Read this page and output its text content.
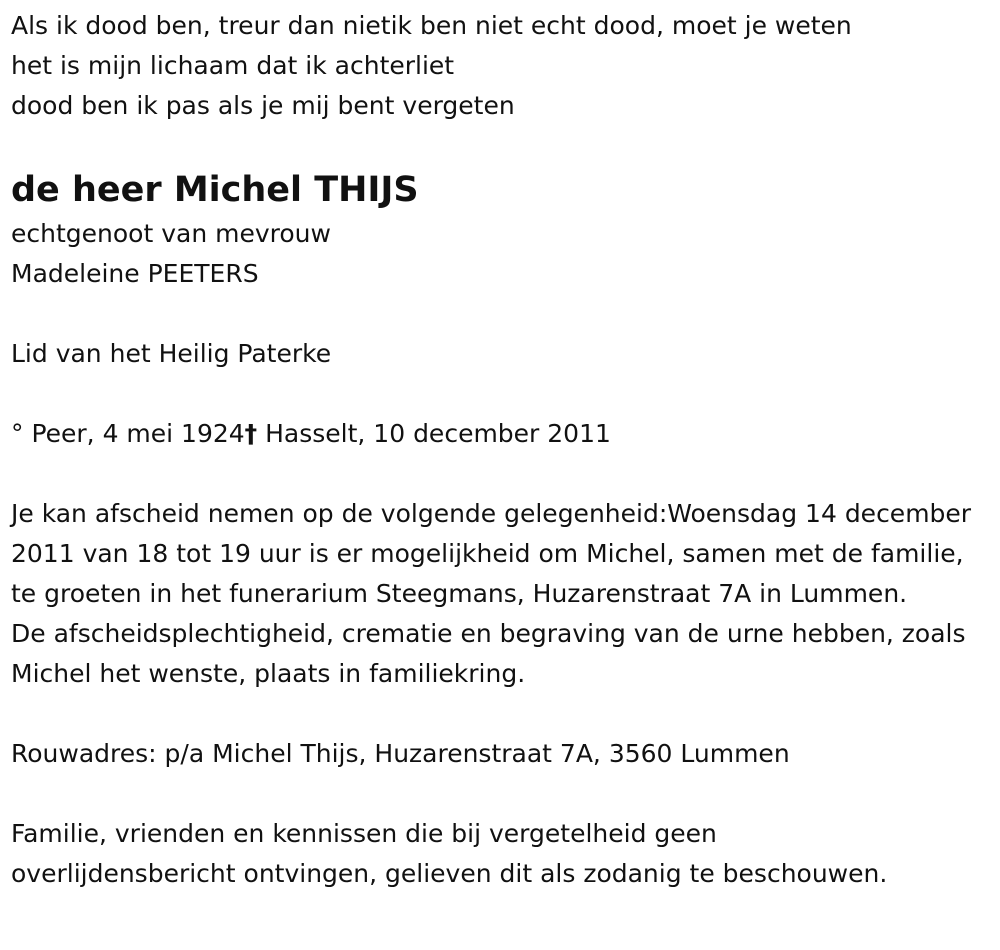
Als ik dood ben, treur dan nietik ben niet echt dood, moet je weten
het is mijn lichaam dat ik achterliet
dood ben ik pas als je mij bent vergeten
de heer Michel THIJS
echtgenoot van mevrouw
Madeleine PEETERS
Lid van het Heilig Paterke
° Peer, 4 mei 1924† Hasselt, 10 december 2011
Je kan afscheid nemen op de volgende gelegenheid:Woensdag 14 december 2011 van 18 tot 19 uur is er mogelijkheid om Michel, samen met de familie, te groeten in het funerarium Steegmans, Huzarenstraat 7A in Lummen.
De afscheidsplechtigheid, crematie en begraving van de urne hebben, zoals Michel het wenste, plaats in familiekring.
Rouwadres: p/a Michel Thijs, Huzarenstraat 7A, 3560 Lummen
Familie, vrienden en kennissen die bij vergetelheid geen
overlijdensbericht ontvingen, gelieven dit als zodanig te beschouwen.
